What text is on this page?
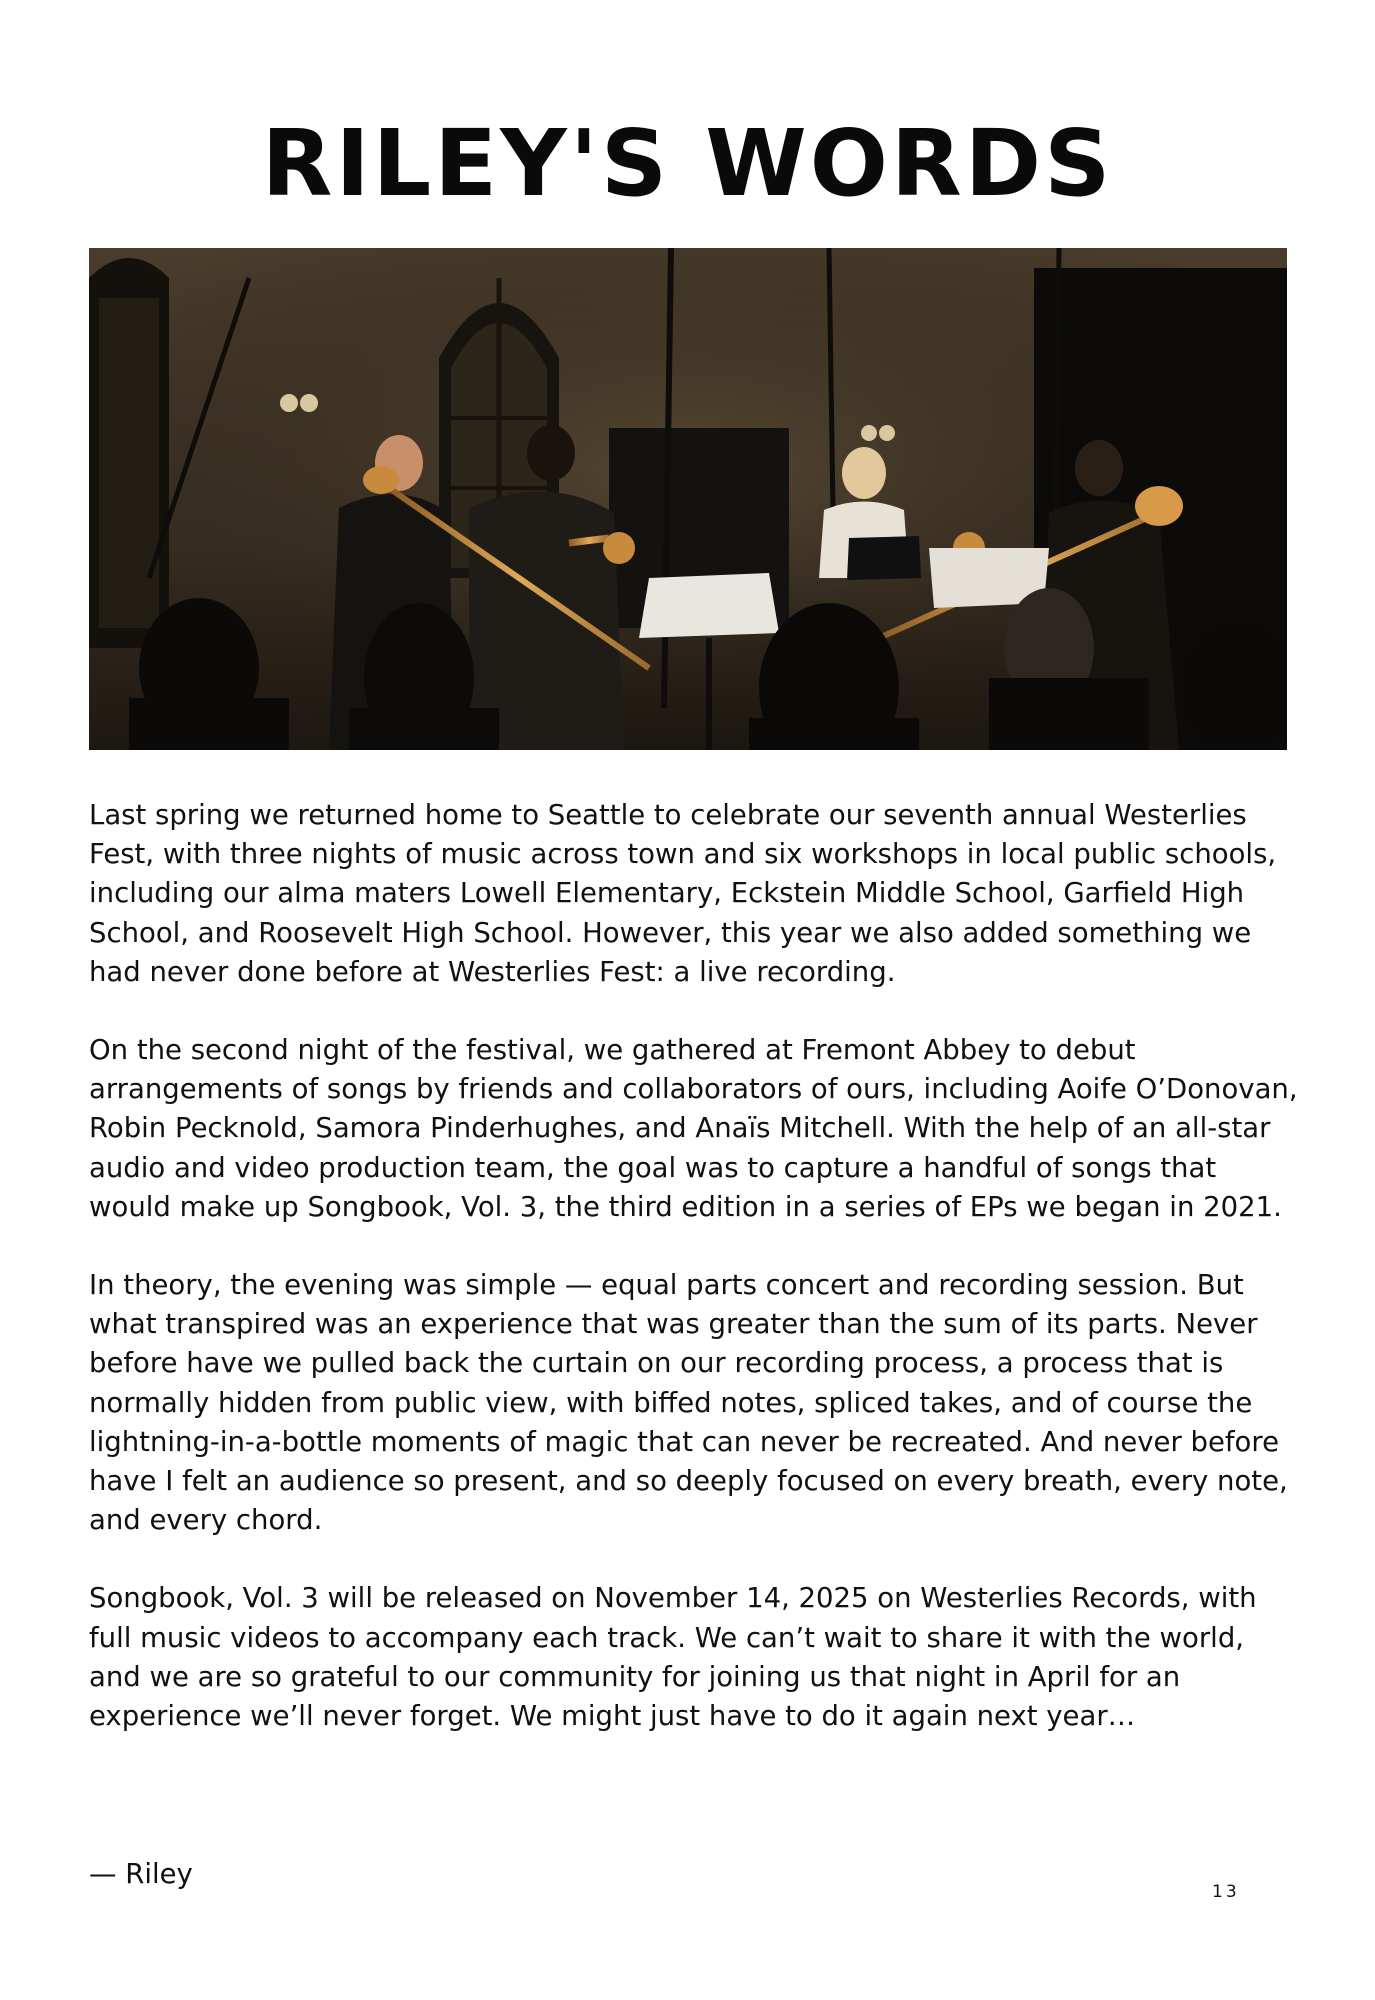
RILEY'S WORDS

Last spring we returned home to Seattle to celebrate our seventh annual Westerlies Fest, with three nights of music across town and six workshops in local public schools, including our alma maters Lowell Elementary, Eckstein Middle School, Garfield High School, and Roosevelt High School. However, this year we also added something we had never done before at Westerlies Fest: a live recording.

On the second night of the festival, we gathered at Fremont Abbey to debut arrangements of songs by friends and collaborators of ours, including Aoife O’Donovan, Robin Pecknold, Samora Pinderhughes, and Anaïs Mitchell. With the help of an all-star audio and video production team, the goal was to capture a handful of songs that would make up Songbook, Vol. 3, the third edition in a series of EPs we began in 2021.

In theory, the evening was simple — equal parts concert and recording session. But what transpired was an experience that was greater than the sum of its parts. Never before have we pulled back the curtain on our recording process, a process that is normally hidden from public view, with biffed notes, spliced takes, and of course the lightning-in-a-bottle moments of magic that can never be recreated. And never before have I felt an audience so present, and so deeply focused on every breath, every note, and every chord.

Songbook, Vol. 3 will be released on November 14, 2025 on Westerlies Records, with full music videos to accompany each track. We can’t wait to share it with the world, and we are so grateful to our community for joining us that night in April for an experience we’ll never forget. We might just have to do it again next year…

— Riley

13
